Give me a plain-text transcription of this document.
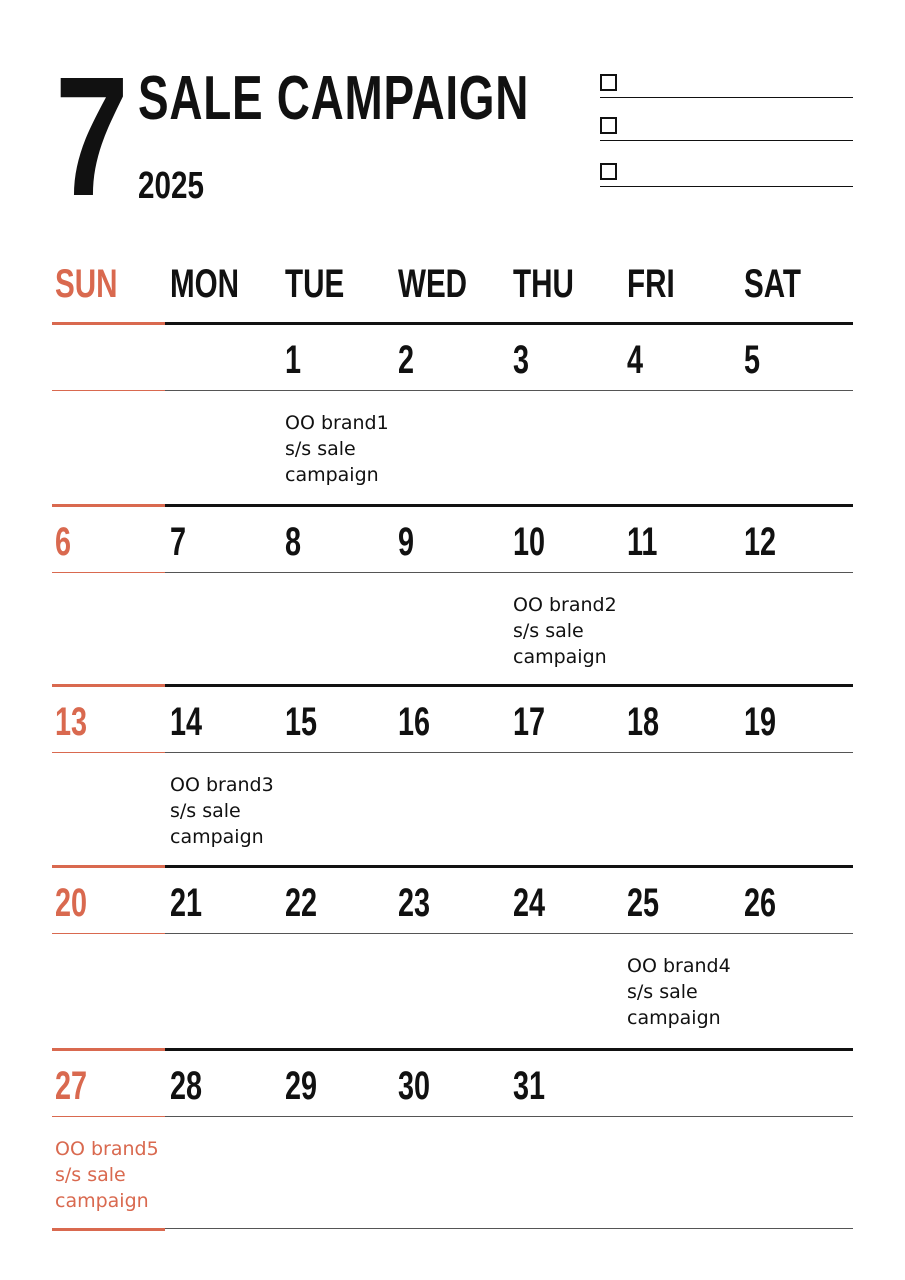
7 SALE CAMPAIGN
2025
SUN MON TUE WED THU FRI SAT
1 2 3 4	5
6 7 8 9 10 11 12
13 14 15 16 17 18 19
20 21 22 23 24 25 26
27 28 29 30 31
OO brand1
s/s sale
campaign
OO brand2
s/s sale
campaign
OO brand3
s/s sale
campaign
OO brand4
s/s sale
campaign
OO brand5
s/s sale
campaign
